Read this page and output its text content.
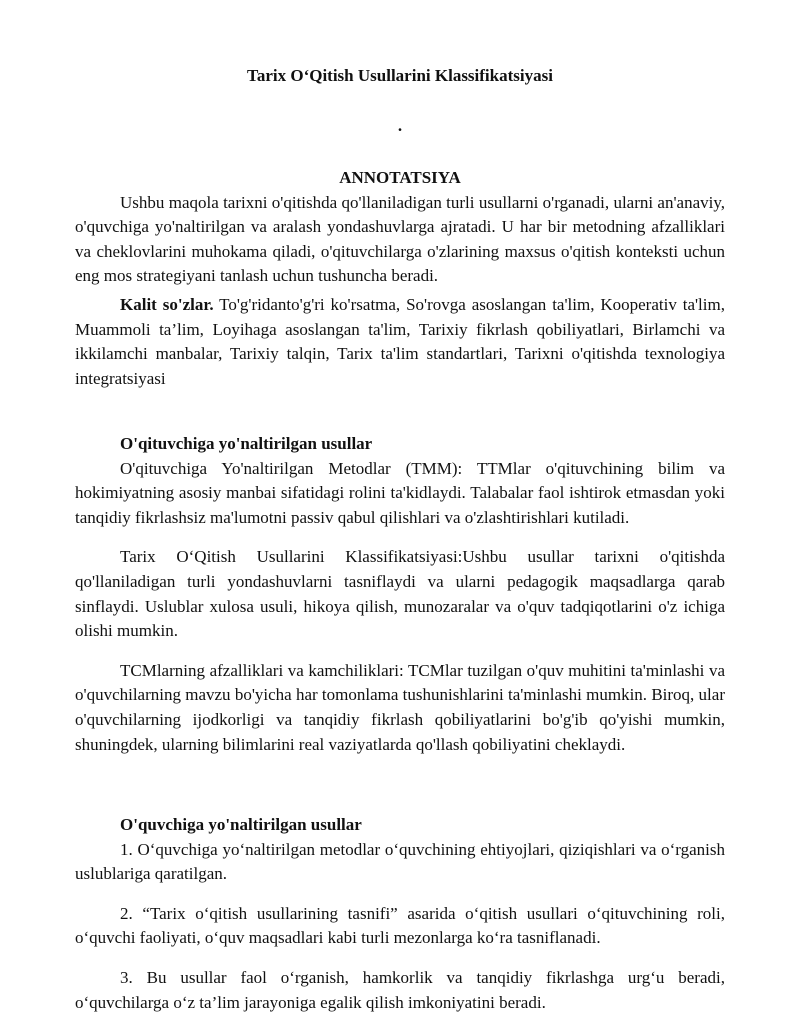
Tarix O‘Qitish Usullarini Klassifikatsiyasi
.
ANNOTATSIYA

Ushbu maqola tarixni o'qitishda qo'llaniladigan turli usullarni o'rganadi, ularni an'anaviy, o'quvchiga yo'naltirilgan va aralash yondashuvlarga ajratadi. U har bir metodning afzalliklari va cheklovlarini muhokama qiladi, o'qituvchilarga o'zlarining maxsus o'qitish konteksti uchun eng mos strategiyani tanlash uchun tushuncha beradi.

Kalit so'zlar. To'g'ridanto'g'ri ko'rsatma, So'rovga asoslangan ta'lim, Kooperativ ta'lim, Muammoli ta’lim, Loyihaga asoslangan ta'lim, Tarixiy fikrlash qobiliyatlari, Birlamchi va ikkilamchi manbalar, Tarixiy talqin, Tarix ta'lim standartlari, Tarixni o'qitishda texnologiya integratsiyasi

O'qituvchiga yo'naltirilgan usullar

O'qituvchiga Yo'naltirilgan Metodlar (TMM): TTMlar o'qituvchining bilim va hokimiyatning asosiy manbai sifatidagi rolini ta'kidlaydi. Talabalar faol ishtirok etmasdan yoki tanqidiy fikrlashsiz ma'lumotni passiv qabul qilishlari va o'zlashtirishlari kutiladi.

Tarix O‘Qitish Usullarini Klassifikatsiyasi:Ushbu usullar tarixni o'qitishda qo'llaniladigan turli yondashuvlarni tasniflaydi va ularni pedagogik maqsadlarga qarab sinflaydi. Uslublar xulosa usuli, hikoya qilish, munozaralar va o'quv tadqiqotlarini o'z ichiga olishi mumkin.

TCMlarning afzalliklari va kamchiliklari: TCMlar tuzilgan o'quv muhitini ta'minlashi va o'quvchilarning mavzu bo'yicha har tomonlama tushunishlarini ta'minlashi mumkin. Biroq, ular o'quvchilarning ijodkorligi va tanqidiy fikrlash qobiliyatlarini bo'g'ib qo'yishi mumkin, shuningdek, ularning bilimlarini real vaziyatlarda qo'llash qobiliyatini cheklaydi.

O'quvchiga yo'naltirilgan usullar

1. O‘quvchiga yo‘naltirilgan metodlar o‘quvchining ehtiyojlari, qiziqishlari va o‘rganish uslublariga qaratilgan.

2. “Tarix o‘qitish usullarining tasnifi” asarida o‘qitish usullari o‘qituvchining roli, o‘quvchi faoliyati, o‘quv maqsadlari kabi turli mezonlarga ko‘ra tasniflanadi.

3. Bu usullar faol o‘rganish, hamkorlik va tanqidiy fikrlashga urg‘u beradi, o‘quvchilarga o‘z ta’lim jarayoniga egalik qilish imkoniyatini beradi.
